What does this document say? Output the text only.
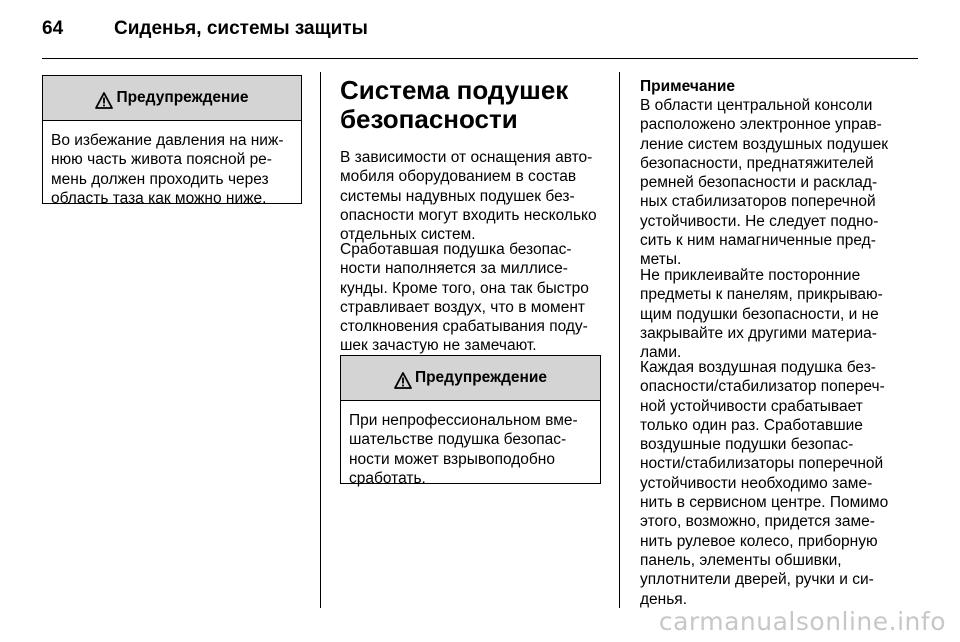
64	Сиденья, системы защиты
Предупреждение
Во избежание давления на ниж-
нюю часть живота поясной ре-
мень должен проходить через
область таза как можно ниже.
Система подушек
безопасности

В зависимости от оснащения авто-
мобиля оборудованием в состав
системы надувных подушек без-
опасности могут входить несколько
отдельных систем.

Сработавшая подушка безопас-
ности наполняется за миллисе-
кунды. Кроме того, она так быстро
стравливает воздух, что в момент
столкновения срабатывания поду-
шек зачастую не замечают.

Предупреждение
При непрофессиональном вме-
шательстве подушка безопас-
ности может взрывоподобно
сработать.
Примечание

В области центральной консоли
расположено электронное управ-
ление систем воздушных подушек
безопасности, преднатяжителей
ремней безопасности и расклад-
ных стабилизаторов поперечной
устойчивости. Не следует подно-
сить к ним намагниченные пред-
меты.

Не приклеивайте посторонние
предметы к панелям, прикрываю-
щим подушки безопасности, и не
закрывайте их другими материа-
лами.

Каждая воздушная подушка без-
опасности/стабилизатор попереч-
ной устойчивости срабатывает
только один раз. Сработавшие
воздушные подушки безопас-
ности/стабилизаторы поперечной
устойчивости необходимо заме-
нить в сервисном центре. Помимо
этого, возможно, придется заме-
нить рулевое колесо, приборную
панель, элементы обшивки,
уплотнители дверей, ручки и си-
денья.

carmanualsonline.info
